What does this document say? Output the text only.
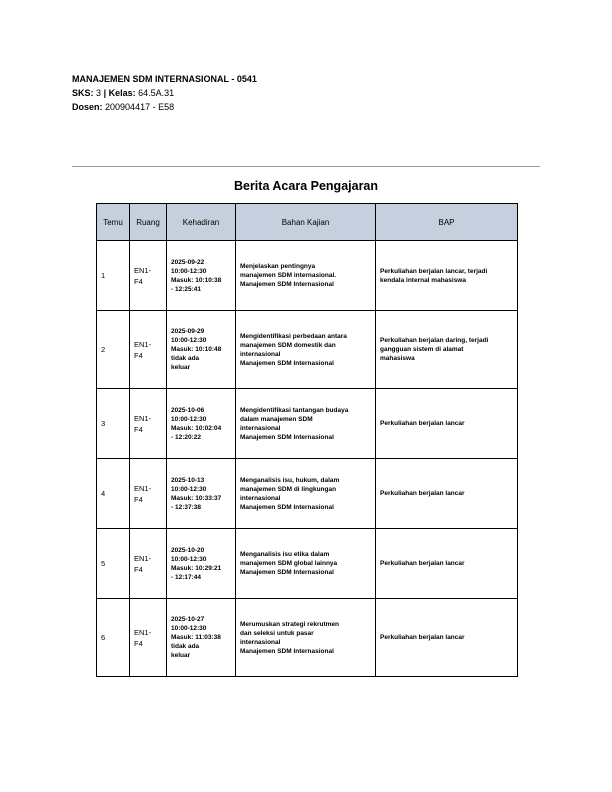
MANAJEMEN SDM INTERNASIONAL - 0541
SKS: 3 | Kelas: 64.5A.31
Dosen: 200904417 - E58
Berita Acara Pengajaran
Temu	Ruang	Kehadiran	Bahan Kajian	BAP
1	EN1-
F4	2025-09-22
10:00-12:30
Masuk: 10:10:38
- 12:25:41	Menjelaskan pentingnya
manajemen SDM internasional.
Manajemen SDM Internasional	Perkuliahan berjalan lancar, terjadi
kendala internal mahasiswa

2	EN1-
F4	2025-09-29
10:00-12:30
Masuk: 10:10:48
tidak ada
keluar	Mengidentifikasi perbedaan antara
manajemen SDM domestik dan
internasional
Manajemen SDM Internasional	Perkuliahan berjalan daring, terjadi
gangguan sistem di alamat
mahasiswa

3	EN1-
F4	2025-10-06
10:00-12:30
Masuk: 10:02:04
- 12:20:22	Mengidentifikasi tantangan budaya
dalam manajemen SDM
internasional
Manajemen SDM Internasional	Perkuliahan berjalan lancar

4	EN1-
F4	2025-10-13
10:00-12:30
Masuk: 10:33:37
- 12:37:38	Menganalisis isu, hukum, dalam
manajemen SDM di lingkungan
internasional
Manajemen SDM Internasional	Perkuliahan berjalan lancar

5	EN1-
F4	2025-10-20
10:00-12:30
Masuk: 10:29:21
- 12:17:44	Menganalisis isu etika dalam
manajemen SDM global lainnya
Manajemen SDM Internasional	Perkuliahan berjalan lancar

6	EN1-
F4	2025-10-27
10:00-12:30
Masuk: 11:03:38
tidak ada
keluar	Merumuskan strategi rekrutmen
dan seleksi untuk pasar
internasional
Manajemen SDM Internasional	Perkuliahan berjalan lancar
